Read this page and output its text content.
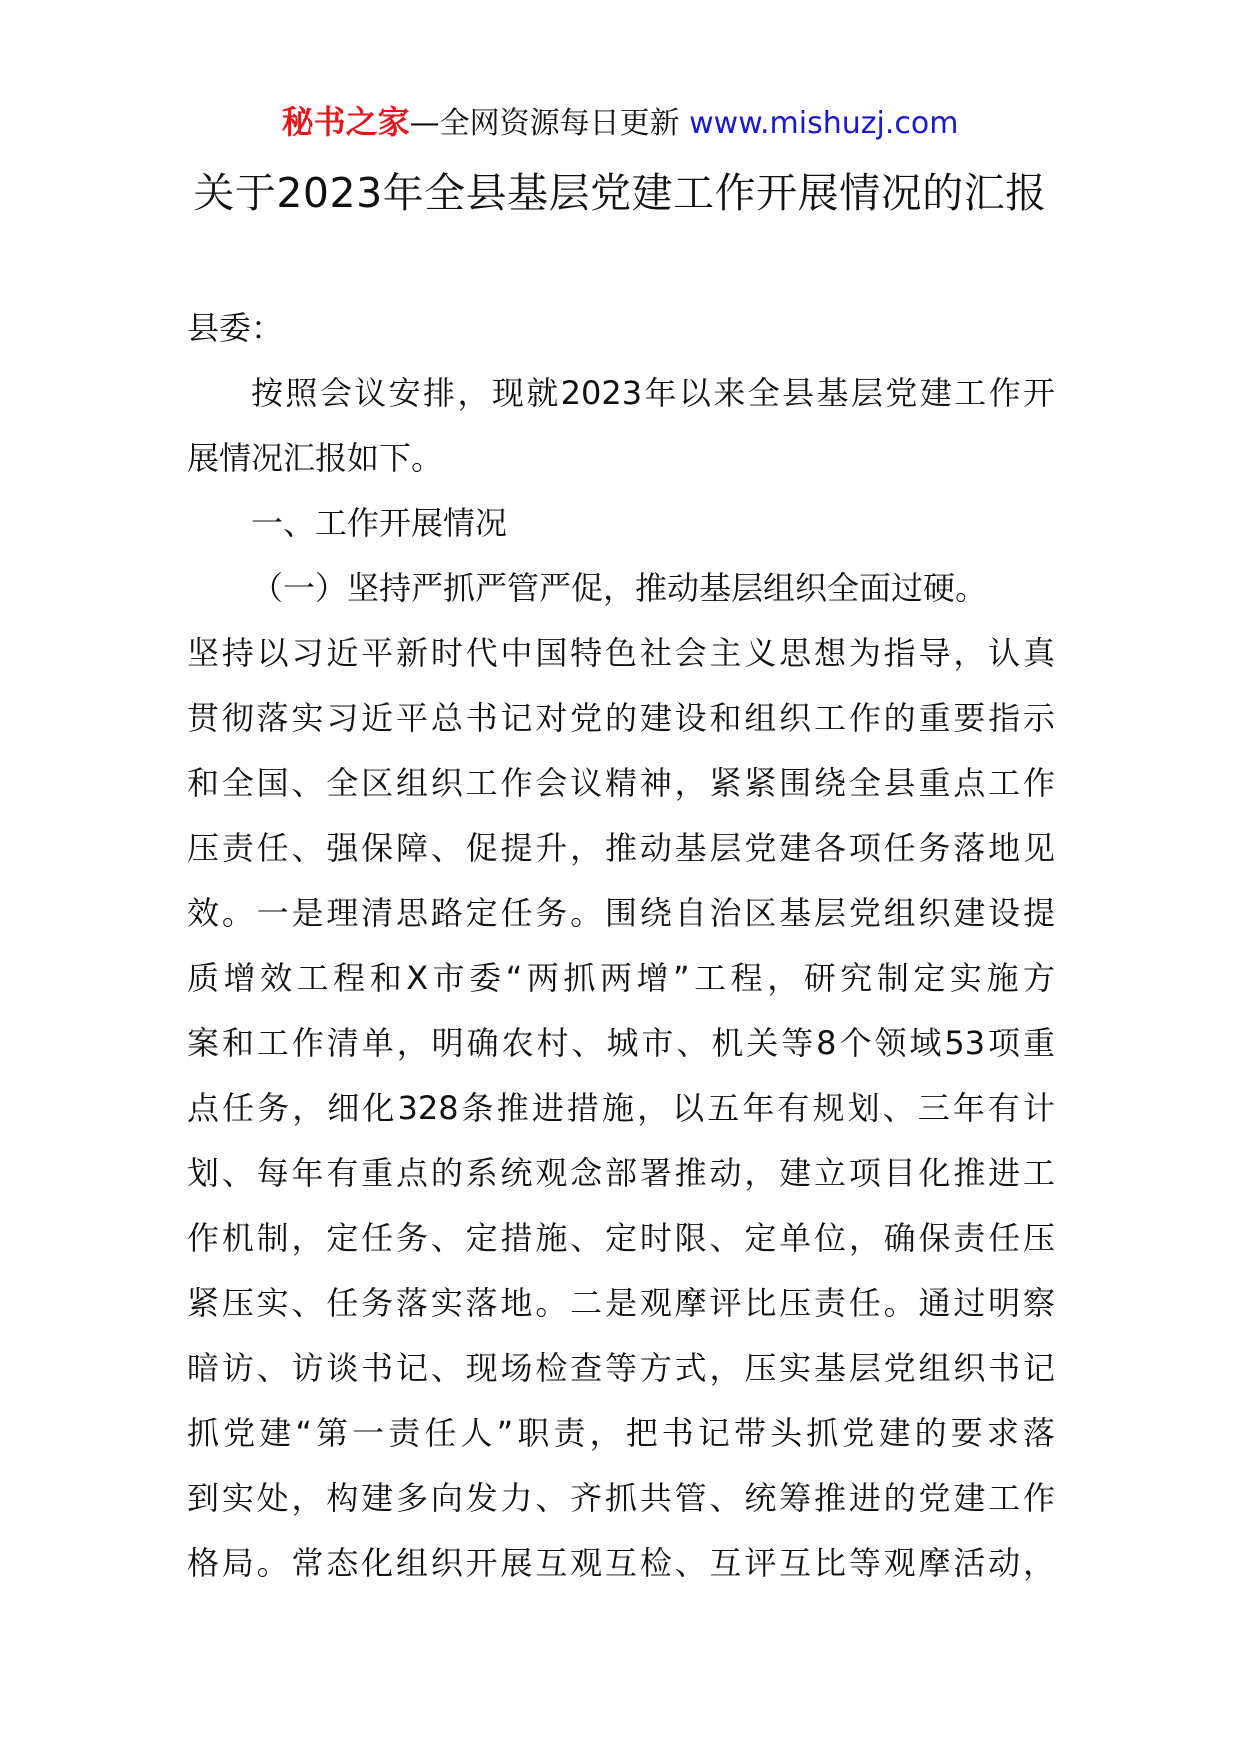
秘书之家—全网资源每日更新 www.mishuzj.com
关于2023年全县基层党建工作开展情况的汇报
县委：
按照会议安排，现就2023年以来全县基层党建工作开
展情况汇报如下。
一、工作开展情况
（一）坚持严抓严管严促，推动基层组织全面过硬。
坚持以习近平新时代中国特色社会主义思想为指导，认真
贯彻落实习近平总书记对党的建设和组织工作的重要指示
和全国、全区组织工作会议精神，紧紧围绕全县重点工作
压责任、强保障、促提升，推动基层党建各项任务落地见
效。一是理清思路定任务。围绕自治区基层党组织建设提
质增效工程和X市委“两抓两增”工程，研究制定实施方
案和工作清单，明确农村、城市、机关等8个领域53项重
点任务，细化328条推进措施，以五年有规划、三年有计
划、每年有重点的系统观念部署推动，建立项目化推进工
作机制，定任务、定措施、定时限、定单位，确保责任压
紧压实、任务落实落地。二是观摩评比压责任。通过明察
暗访、访谈书记、现场检查等方式，压实基层党组织书记
抓党建“第一责任人”职责，把书记带头抓党建的要求落
到实处，构建多向发力、齐抓共管、统筹推进的党建工作
格局。常态化组织开展互观互检、互评互比等观摩活动，
